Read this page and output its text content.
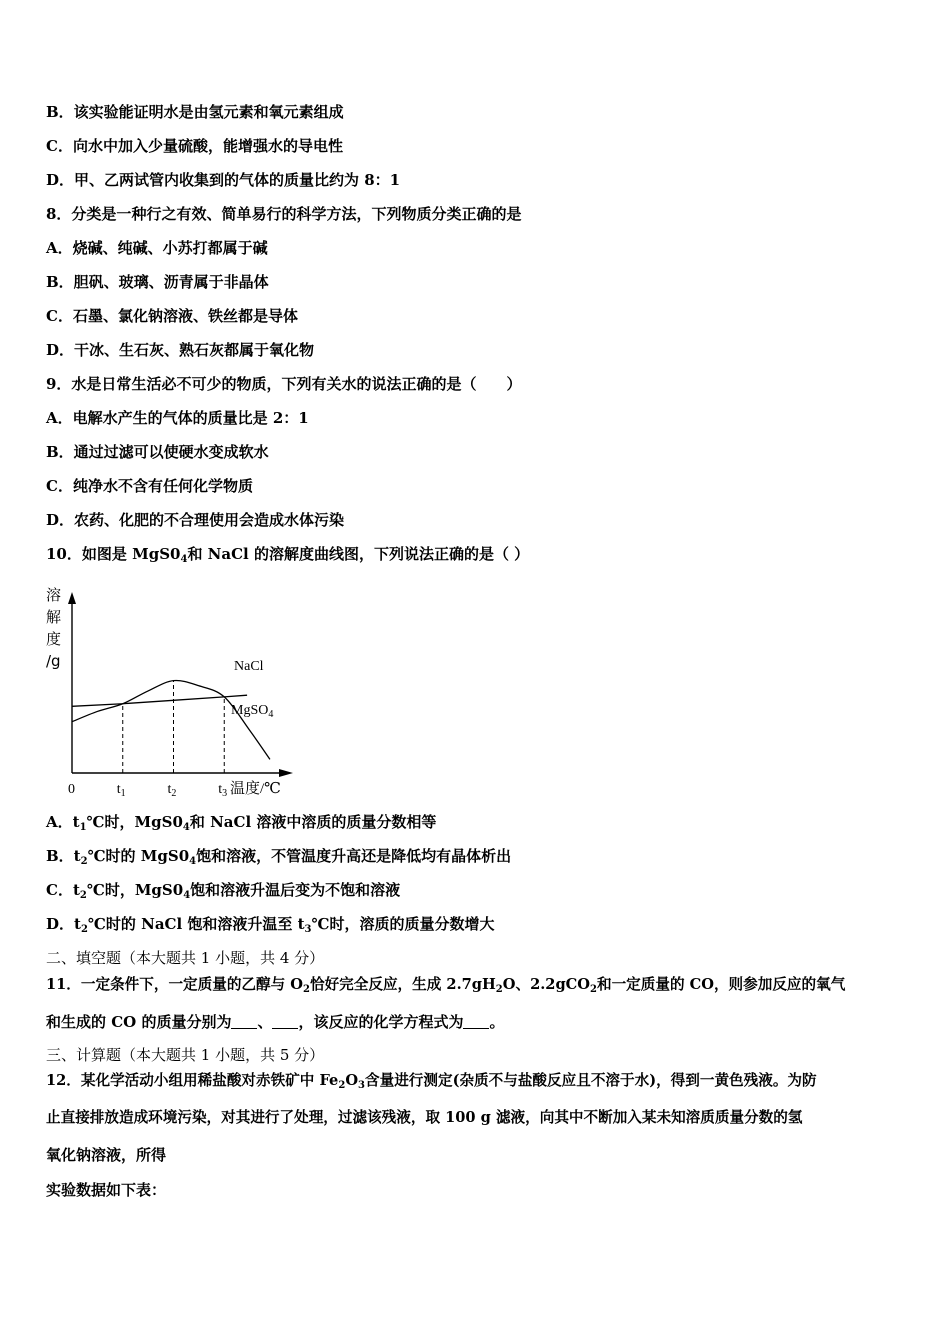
B．该实验能证明水是由氢元素和氧元素组成
C．向水中加入少量硫酸，能增强水的导电性
D．甲、乙两试管内收集到的气体的质量比约为 8：1
8．分类是一种行之有效、简单易行的科学方法，下列物质分类正确的是
A．烧碱、纯碱、小苏打都属于碱
B．胆矾、玻璃、沥青属于非晶体
C．石墨、氯化钠溶液、铁丝都是导体
D．干冰、生石灰、熟石灰都属于氧化物
9．水是日常生活必不可少的物质，下列有关水的说法正确的是（　　）
A．电解水产生的气体的质量比是 2：1
B．通过过滤可以使硬水变成软水
C．纯净水不含有任何化学物质
D．农药、化肥的不合理使用会造成水体污染
10．如图是 $MgS0_4$和 NaCl 的溶解度曲线图，下列说法正确的是（ ）
溶
解
度
/g
$t_1$	$t_2$	$t_3$
0	温度/℃
NaCl
MgSO$_4$
A．$t_1℃$时，$MgS0_4$和 NaCl 溶液中溶质的质量分数相等
B．$t_2℃$时的 $MgS0_4$饱和溶液，不管温度升高还是降低均有晶体析出
C．$t_2℃$时，$MgS0_4$饱和溶液升温后变为不饱和溶液
D．$t_2℃$时的 NaCl 饱和溶液升温至 $t_3℃$时，溶质的质量分数增大
二、填空题（本大题共 1 小题，共 4 分）
11．一定条件下，一定质量的乙醇与 $O_2$恰好完全反应，生成 $2.7gH_2O$、2.2gCO$_2$和一定质量的 CO，则参加反应的氧气
和生成的 CO 的质量分别为 、 ，该反应的化学方程式为 。
三、计算题（本大题共 1 小题，共 5 分）
12．某化学活动小组用稀盐酸对赤铁矿中 $Fe_2O_3$含量进行测定(杂质不与盐酸反应且不溶于水)，得到一黄色残液。为防
止直接排放造成环境污染，对其进行了处理，过滤该残液，取 100 g 滤液，向其中不断加入某未知溶质质量分数的氢
氧化钠溶液，所得
实验数据如下表：
